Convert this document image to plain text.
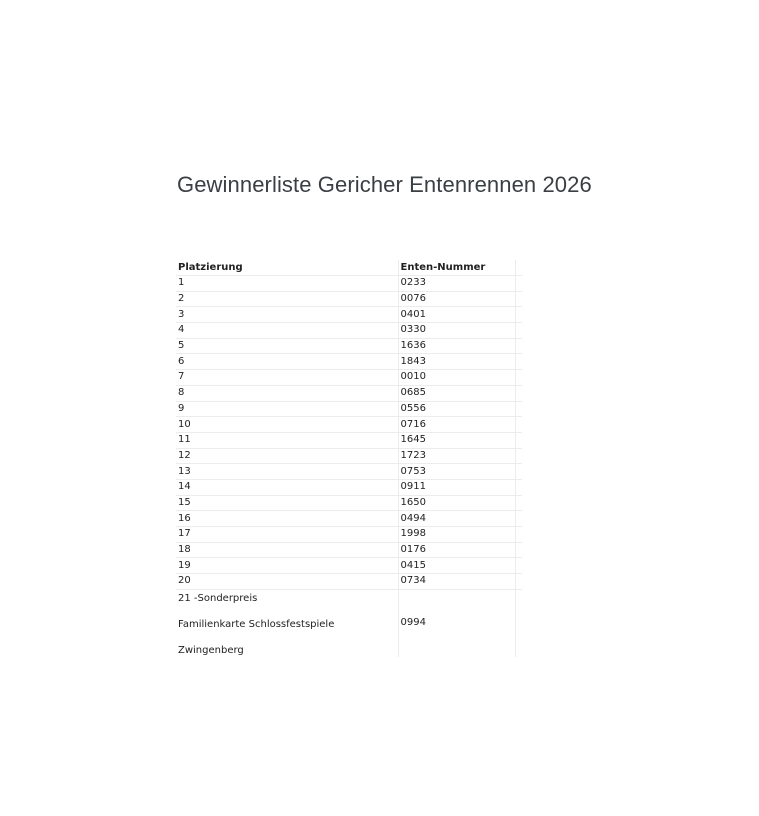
Gewinnerliste Gericher Entenrennen 2026
Platzierung	Enten-Nummer	
1	0233	
2	0076	
3	0401	
4	0330	
5	1636	
6	1843	
7	0010	
8	0685	
9	0556	
10	0716	
11	1645	
12	1723	
13	0753	
14	0911	
15	1650	
16	0494	
17	1998	
18	0176	
19	0415	
20	0734	

21 -Sonderpreis
Familienkarte Schlossfestspiele
Zwingenberg	0994	
